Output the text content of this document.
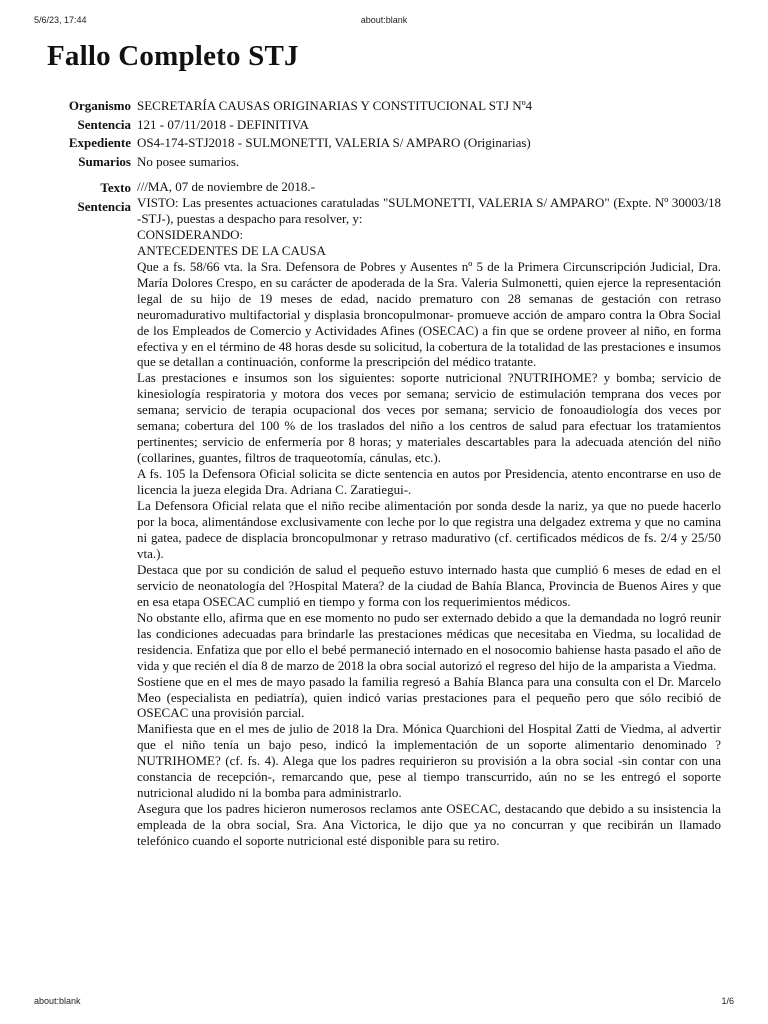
5/6/23, 17:44	about:blank
Fallo Completo STJ
Organismo	SECRETARÍA CAUSAS ORIGINARIAS Y CONSTITUCIONAL STJ Nº4
Sentencia	121 - 07/11/2018 - DEFINITIVA
Expediente	OS4-174-STJ2018 - SULMONETTI, VALERIA S/ AMPARO (Originarias)
Sumarios	No posee sumarios.
Texto Sentencia

///MA, 07 de noviembre de 2018.-

VISTO: Las presentes actuaciones caratuladas "SULMONETTI, VALERIA S/ AMPARO" (Expte. Nº 30003/18 -STJ-), puestas a despacho para resolver, y:

CONSIDERANDO:

ANTECEDENTES DE LA CAUSA

Que a fs. 58/66 vta. la Sra. Defensora de Pobres y Ausentes nº 5 de la Primera Circunscripción Judicial, Dra. María Dolores Crespo, en su carácter de apoderada de la Sra. Valeria Sulmonetti, quien ejerce la representación legal de su hijo de 19 meses de edad, nacido prematuro con 28 semanas de gestación con retraso neuromadurativo multifactorial y displasia broncopulmonar- promueve acción de amparo contra la Obra Social de los Empleados de Comercio y Actividades Afines (OSECAC) a fin que se ordene proveer al niño, en forma efectiva y en el término de 48 horas desde su solicitud, la cobertura de la totalidad de las prestaciones e insumos que se detallan a continuación, conforme la prescripción del médico tratante.

Las prestaciones e insumos son los siguientes: soporte nutricional ?NUTRIHOME? y bomba; servicio de kinesiología respiratoria y motora dos veces por semana; servicio de estimulación temprana dos veces por semana; servicio de terapia ocupacional dos veces por semana; servicio de fonoaudiología dos veces por semana; cobertura del 100 % de los traslados del niño a los centros de salud para efectuar los tratamientos pertinentes; servicio de enfermería por 8 horas; y materiales descartables para la adecuada atención del niño (collarines, guantes, filtros de traqueotomía, cánulas, etc.).

A fs. 105 la Defensora Oficial solicita se dicte sentencia en autos por Presidencia, atento encontrarse en uso de licencia la jueza elegida Dra. Adriana C. Zaratiegui-.

La Defensora Oficial relata que el niño recibe alimentación por sonda desde la nariz, ya que no puede hacerlo por la boca, alimentándose exclusivamente con leche por lo que registra una delgadez extrema y que no camina ni gatea, padece de displacia broncopulmonar y retraso madurativo (cf. certificados médicos de fs. 2/4 y 25/50 vta.).

Destaca que por su condición de salud el pequeño estuvo internado hasta que cumplió 6 meses de edad en el servicio de neonatología del ?Hospital Matera? de la ciudad de Bahía Blanca, Provincia de Buenos Aires y que en esa etapa OSECAC cumplió en tiempo y forma con los requerimientos médicos.

No obstante ello, afirma que en ese momento no pudo ser externado debido a que la demandada no logró reunir las condiciones adecuadas para brindarle las prestaciones médicas que necesitaba en Viedma, su localidad de residencia. Enfatiza que por ello el bebé permaneció internado en el nosocomio bahiense hasta pasado el año de vida y que recién el día 8 de marzo de 2018 la obra social autorizó el regreso del hijo de la amparista a Viedma.

Sostiene que en el mes de mayo pasado la familia regresó a Bahía Blanca para una consulta con el Dr. Marcelo Meo (especialista en pediatría), quien indicó varias prestaciones para el pequeño pero que sólo recibió de OSECAC una provisión parcial.

Manifiesta que en el mes de julio de 2018 la Dra. Mónica Quarchioni del Hospital Zatti de Viedma, al advertir que el niño tenía un bajo peso, indicó la implementación de un soporte alimentario denominado ?NUTRIHOME? (cf. fs. 4). Alega que los padres requirieron su provisión a la obra social -sin contar con una constancia de recepción-, remarcando que, pese al tiempo transcurrido, aún no se les entregó el soporte nutricional aludido ni la bomba para administrarlo.

Asegura que los padres hicieron numerosos reclamos ante OSECAC, destacando que debido a su insistencia la empleada de la obra social, Sra. Ana Victorica, le dijo que ya no concurran y que recibirán un llamado telefónico cuando el soporte nutricional esté disponible para su retiro.

about:blank	1/6
